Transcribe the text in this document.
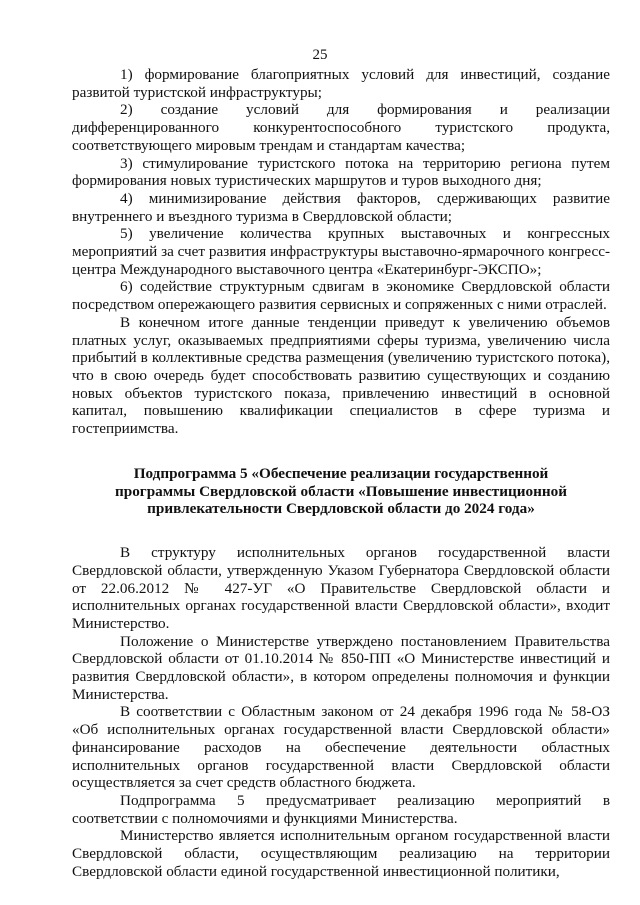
25

1) формирование благоприятных условий для инвестиций, создание развитой туристской инфраструктуры;

2) создание условий для формирования и реализации дифференцированного конкурентоспособного туристского продукта, соответствующего мировым трендам и стандартам качества;

3) стимулирование туристского потока на территорию региона путем формирования новых туристических маршрутов и туров выходного дня;

4) минимизирование действия факторов, сдерживающих развитие внутреннего и въездного туризма в Свердловской области;

5) увеличение количества крупных выставочных и конгрессных мероприятий за счет развития инфраструктуры выставочно-ярмарочного конгресс-центра Международного выставочного центра «Екатеринбург-ЭКСПО»;

6) содействие структурным сдвигам в экономике Свердловской области посредством опережающего развития сервисных и сопряженных с ними отраслей.

В конечном итоге данные тенденции приведут к увеличению объемов платных услуг, оказываемых предприятиями сферы туризма, увеличению числа прибытий в коллективные средства размещения (увеличению туристского потока), что в свою очередь будет способствовать развитию существующих и созданию новых объектов туристского показа, привлечению инвестиций в основной капитал, повышению квалификации специалистов в сфере туризма и гостеприимства.

Подпрограмма 5 «Обеспечение реализации государственной
программы Свердловской области «Повышение инвестиционной
привлекательности Свердловской области до 2024 года»

В структуру исполнительных органов государственной власти Свердловской области, утвержденную Указом Губернатора Свердловской области от 22.06.2012 № 427-УГ «О Правительстве Свердловской области и исполнительных органах государственной власти Свердловской области», входит Министерство.

Положение о Министерстве утверждено постановлением Правительства Свердловской области от 01.10.2014 № 850-ПП «О Министерстве инвестиций и развития Свердловской области», в котором определены полномочия и функции Министерства.

В соответствии с Областным законом от 24 декабря 1996 года № 58-ОЗ «Об исполнительных органах государственной власти Свердловской области» финансирование расходов на обеспечение деятельности областных исполнительных органов государственной власти Свердловской области осуществляется за счет средств областного бюджета.

Подпрограмма 5 предусматривает реализацию мероприятий в соответствии с полномочиями и функциями Министерства.

Министерство является исполнительным органом государственной власти Свердловской области, осуществляющим реализацию на территории Свердловской области единой государственной инвестиционной политики,
